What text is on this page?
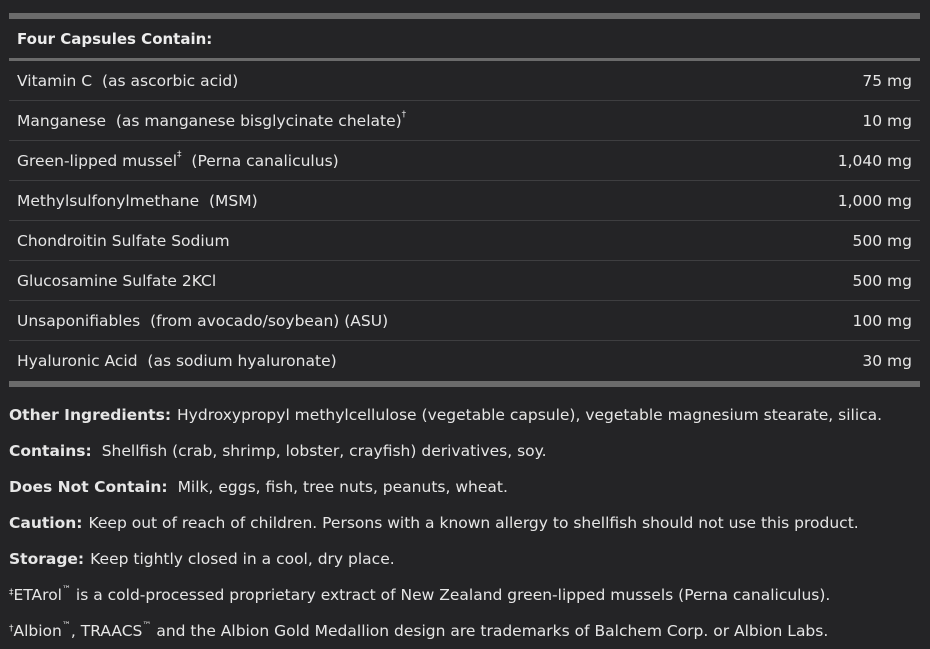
Four Capsules Contain:
Vitamin C (as ascorbic acid)	75 mg
Manganese (as manganese bisglycinate chelate)†	10 mg
Green-lipped mussel‡ (Perna canaliculus)	1,040 mg
Methylsulfonylmethane (MSM)	1,000 mg
Chondroitin Sulfate Sodium	500 mg
Glucosamine Sulfate 2KCl	500 mg
Unsaponifiables (from avocado/soybean) (ASU)	100 mg
Hyaluronic Acid (as sodium hyaluronate)	30 mg
Other Ingredients: Hydroxypropyl methylcellulose (vegetable capsule), vegetable magnesium stearate, silica.
Contains: Shellfish (crab, shrimp, lobster, crayfish) derivatives, soy.
Does Not Contain: Milk, eggs, fish, tree nuts, peanuts, wheat.
Caution: Keep out of reach of children. Persons with a known allergy to shellfish should not use this product.
Storage: Keep tightly closed in a cool, dry place.
‡ ETArol ™
is a cold-processed proprietary extract of New Zealand green-lipped mussels (Perna canaliculus).
† Albion ™ ,
TRAACS ™
and the Albion Gold Medallion design are trademarks of Balchem Corp. or Albion Labs.
